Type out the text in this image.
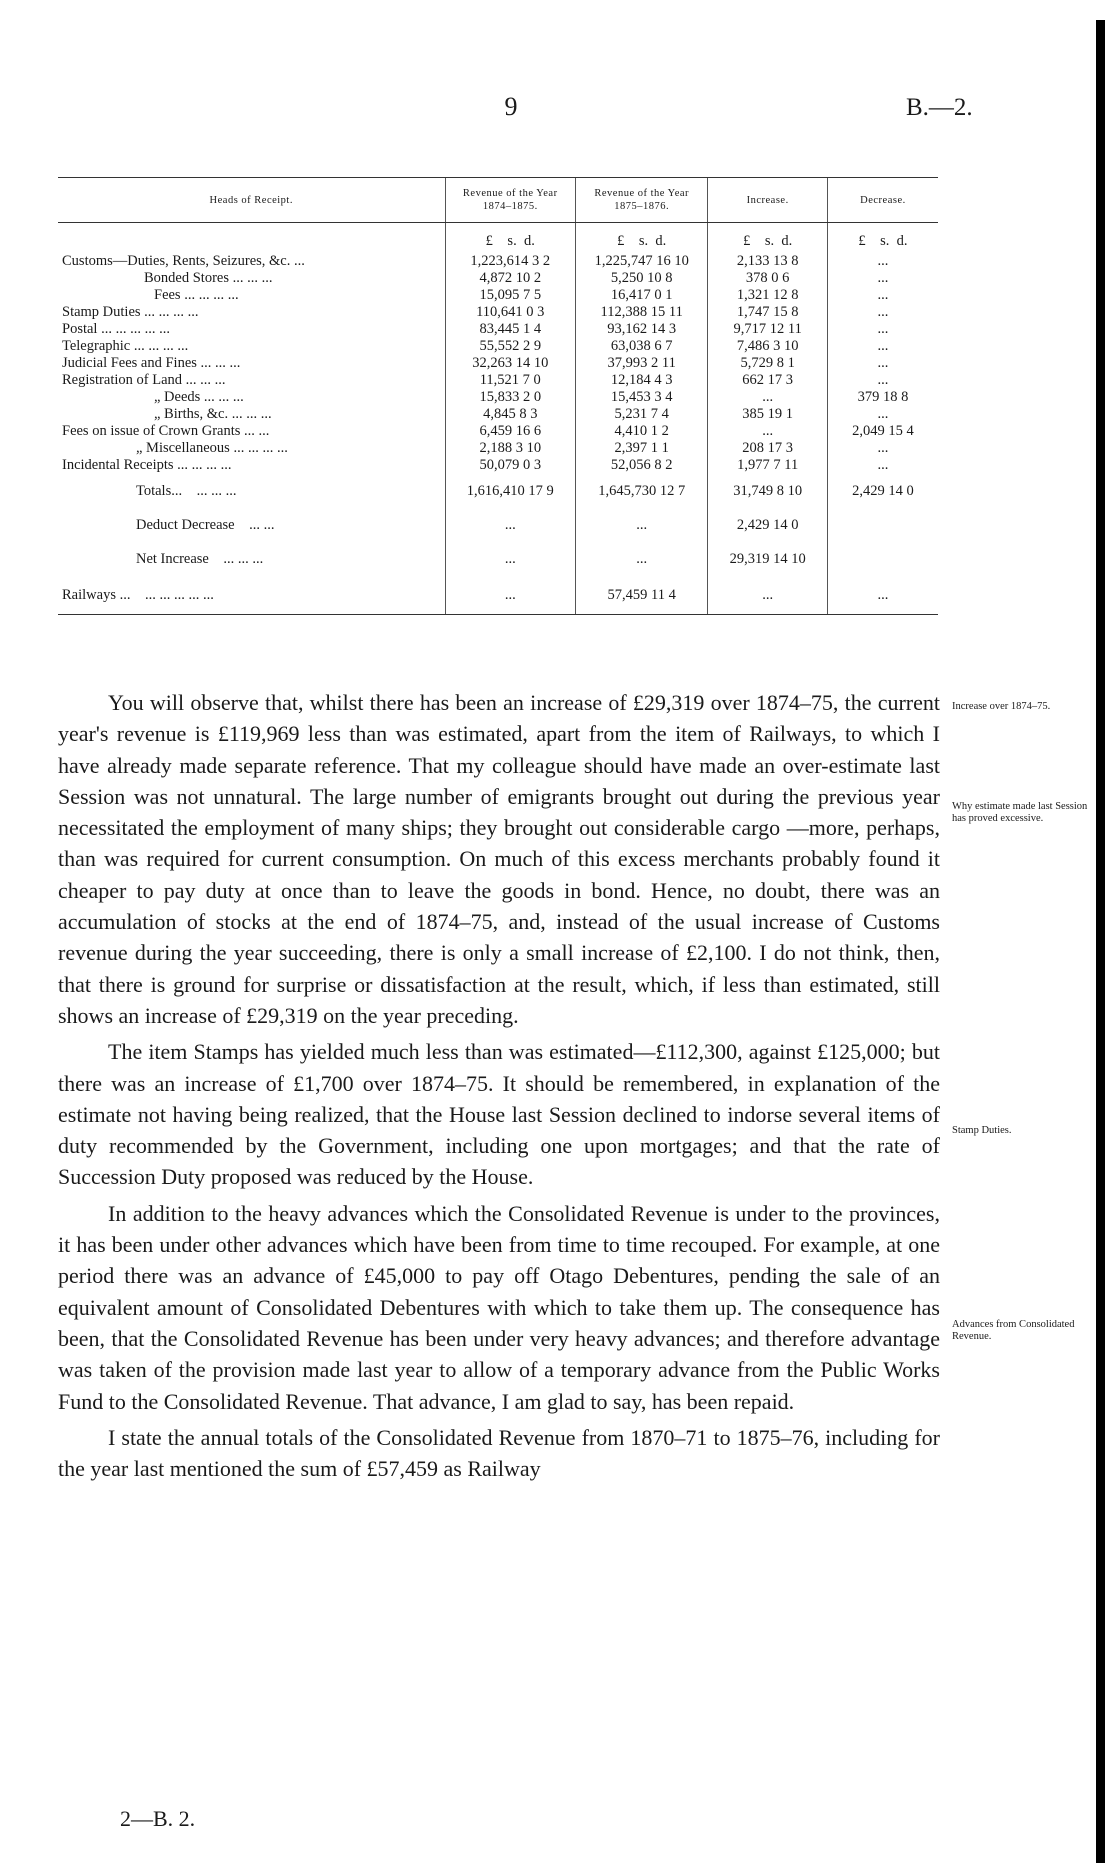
9	B.—2.
Heads of Receipt.	Revenue of the Year 1874–1875.	Revenue of the Year 1875–1876.	Increase.	Decrease.
	£ s. d.	£ s. d.	£ s. d.	£ s. d.
Customs—Duties, Rents, Seizures, &c. ...	1,223,614 3 2	1,225,747 16 10	2,133 13 8	...
Bonded Stores ... ... ...	4,872 10 2	5,250 10 8	378 0 6	...
Fees ... ... ... ...	15,095 7 5	16,417 0 1	1,321 12 8	...
Stamp Duties ... ... ... ...	110,641 0 3	112,388 15 11	1,747 15 8	...
Postal ... ... ... ... ...	83,445 1 4	93,162 14 3	9,717 12 11	...
Telegraphic ... ... ... ...	55,552 2 9	63,038 6 7	7,486 3 10	...
Judicial Fees and Fines ... ... ...	32,263 14 10	37,993 2 11	5,729 8 1	...
Registration of Land ... ... ...	11,521 7 0	12,184 4 3	662 17 3	...
„ Deeds ... ... ...	15,833 2 0	15,453 3 4	...	379 18 8
„ Births, &c. ... ... ...	4,845 8 3	5,231 7 4	385 19 1	...
Fees on issue of Crown Grants ... ...	6,459 16 6	4,410 1 2	...	2,049 15 4
„ Miscellaneous ... ... ... ...	2,188 3 10	2,397 1 1	208 17 3	...
Incidental Receipts ... ... ... ...	50,079 0 3	52,056 8 2	1,977 7 11	...
Totals... ... ... ...	1,616,410 17 9	1,645,730 12 7	31,749 8 10	2,429 14 0
Deduct Decrease ... ...	...	...	2,429 14 0	
Net Increase ... ... ...	...	...	29,319 14 10	
Railways ... ... ... ... ... ...	...	57,459 11 4	...	...

You will observe that, whilst there has been an increase of £29,319 over 1874–75, the current year's revenue is £119,969 less than was estimated, apart from the item of Railways, to which I have already made separate reference. That my colleague should have made an over-estimate last Session was not unnatural. The large number of emigrants brought out during the previous year necessitated the employment of many ships; they brought out considerable cargo —more, perhaps, than was required for current consumption. On much of this excess merchants probably found it cheaper to pay duty at once than to leave the goods in bond. Hence, no doubt, there was an accumulation of stocks at the end of 1874–75, and, instead of the usual increase of Customs revenue during the year succeeding, there is only a small increase of £2,100. I do not think, then, that there is ground for surprise or dissatisfaction at the result, which, if less than estimated, still shows an increase of £29,319 on the year preceding.

The item Stamps has yielded much less than was estimated—£112,300, against £125,000; but there was an increase of £1,700 over 1874–75. It should be remembered, in explanation of the estimate not having being realized, that the House last Session declined to indorse several items of duty recommended by the Government, including one upon mortgages; and that the rate of Succession Duty proposed was reduced by the House.

In addition to the heavy advances which the Consolidated Revenue is under to the provinces, it has been under other advances which have been from time to time recouped. For example, at one period there was an advance of £45,000 to pay off Otago Debentures, pending the sale of an equivalent amount of Consolidated Debentures with which to take them up. The consequence has been, that the Consolidated Revenue has been under very heavy advances; and therefore advantage was taken of the provision made last year to allow of a temporary advance from the Public Works Fund to the Consolidated Revenue. That advance, I am glad to say, has been repaid.

I state the annual totals of the Consolidated Revenue from 1870–71 to 1875–76, including for the year last mentioned the sum of £57,459 as Railway

2—B. 2.
Increase over 1874–75.
Why estimate made last Session has proved excessive.
Stamp Duties.
Advances from Consolidated Revenue.
